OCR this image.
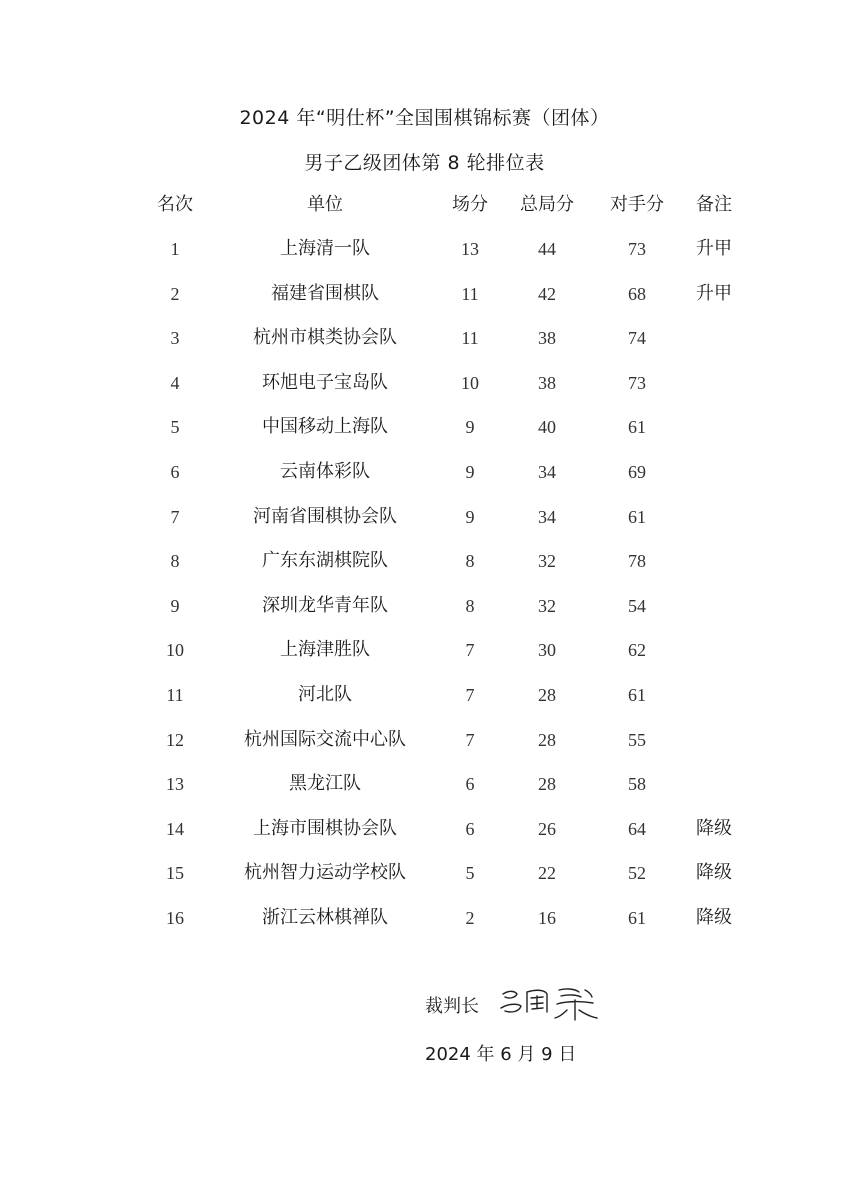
2024 年“明仕杯”全国围棋锦标赛（团体）
男子乙级团体第 8 轮排位表
名次	单位	场分 总局分 对手分 备注
1	上海清一队	13	44	73	升甲
2	福建省围棋队	11	42	68	升甲
3	杭州市棋类协会队	11	38	74
4	环旭电子宝岛队	10	38	73
5	中国移动上海队	9	40	61
6	云南体彩队	9	34	69
7	河南省围棋协会队	9	34	61
8	广东东湖棋院队	8	32	78
9	深圳龙华青年队	8	32	54
10	上海津胜队	7	30	62
11	河北队	7	28	61
12	杭州国际交流中心队	7	28	55
13	黑龙江队	6	28	58
14	上海市围棋协会队	6	26	64	降级
15	杭州智力运动学校队	5	22	52	降级
16	浙江云林棋禅队	2	16	61	降级
裁判长
2024 年 6 月 9 日
